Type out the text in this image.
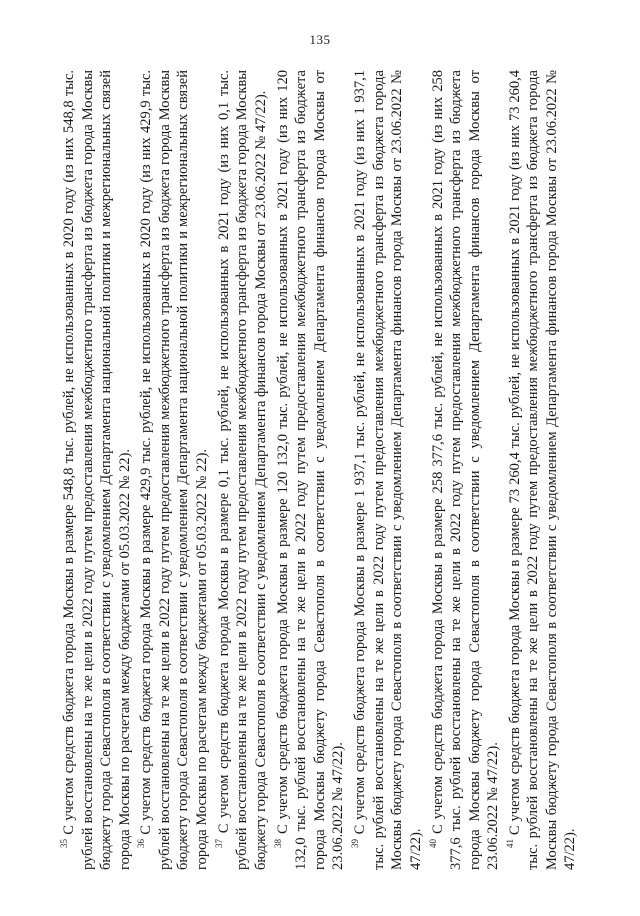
135

$^{35}$ С учетом средств бюджета города Москвы в размере 548,8 тыс. рублей, не использованных в 2020 году (из них 548,8 тыс. рублей восстановлены на те же цели в 2022 году путем предоставления межбюджетного трансферта из бюджета города Москвы бюджету города Севастополя в соответствии с уведомлением Департамента национальной политики и межрегиональных связей города Москвы по расчетам между бюджетами от 05.03.2022 № 22). $^{36}$ С учетом средств бюджета города Москвы в размере 429,9 тыс. рублей, не использованных в 2020 году (из них 429,9 тыс. рублей восстановлены на те же цели в 2022 году путем предоставления межбюджетного трансферта из бюджета города Москвы бюджету города Севастополя в соответствии с уведомлением Департамента национальной политики и межрегиональных связей города Москвы по расчетам между бюджетами от 05.03.2022 № 22). $^{37}$ С учетом средств бюджета города Москвы в размере 0,1 тыс. рублей, не использованных в 2021 году (из них 0,1 тыс. рублей восстановлены на те же цели в 2022 году путем предоставления межбюджетного трансферта из бюджета города Москвы бюджету города Севастополя в соответствии с уведомлением Департамента финансов города Москвы от 23.06.2022 № 47/22). $^{38}$ С учетом средств бюджета города Москвы в размере 120 132,0 тыс. рублей, не использованных в 2021 году (из них 120 132,0 тыс. рублей восстановлены на те же цели в 2022 году путем предоставления межбюджетного трансферта из бюджета города Москвы бюджету города Севастополя в соответствии с уведомлением Департамента финансов города Москвы от 23.06.2022 № 47/22). $^{39}$ С учетом средств бюджета города Москвы в размере 1 937,1 тыс. рублей, не использованных в 2021 году (из них 1 937,1 тыс. рублей восстановлены на те же цели в 2022 году путем предоставления межбюджетного трансферта из бюджета города Москвы бюджету города Севастополя в соответствии с уведомлением Департамента финансов города Москвы от 23.06.2022 № 47/22). $^{40}$ С учетом средств бюджета города Москвы в размере 258 377,6 тыс. рублей, не использованных в 2021 году (из них 258 377,6 тыс. рублей восстановлены на те же цели в 2022 году путем предоставления межбюджетного трансферта из бюджета города Москвы бюджету города Севастополя в соответствии с уведомлением Департамента финансов города Москвы от 23.06.2022 № 47/22). $^{41}$ С учетом средств бюджета города Москвы в размере 73 260,4 тыс. рублей, не использованных в 2021 году (из них 73 260,4 тыс. рублей восстановлены на те же цели в 2022 году путем предоставления межбюджетного трансферта из бюджета города Москвы бюджету города Севастополя в соответствии с уведомлением Департамента финансов города Москвы от 23.06.2022 № 47/22).
